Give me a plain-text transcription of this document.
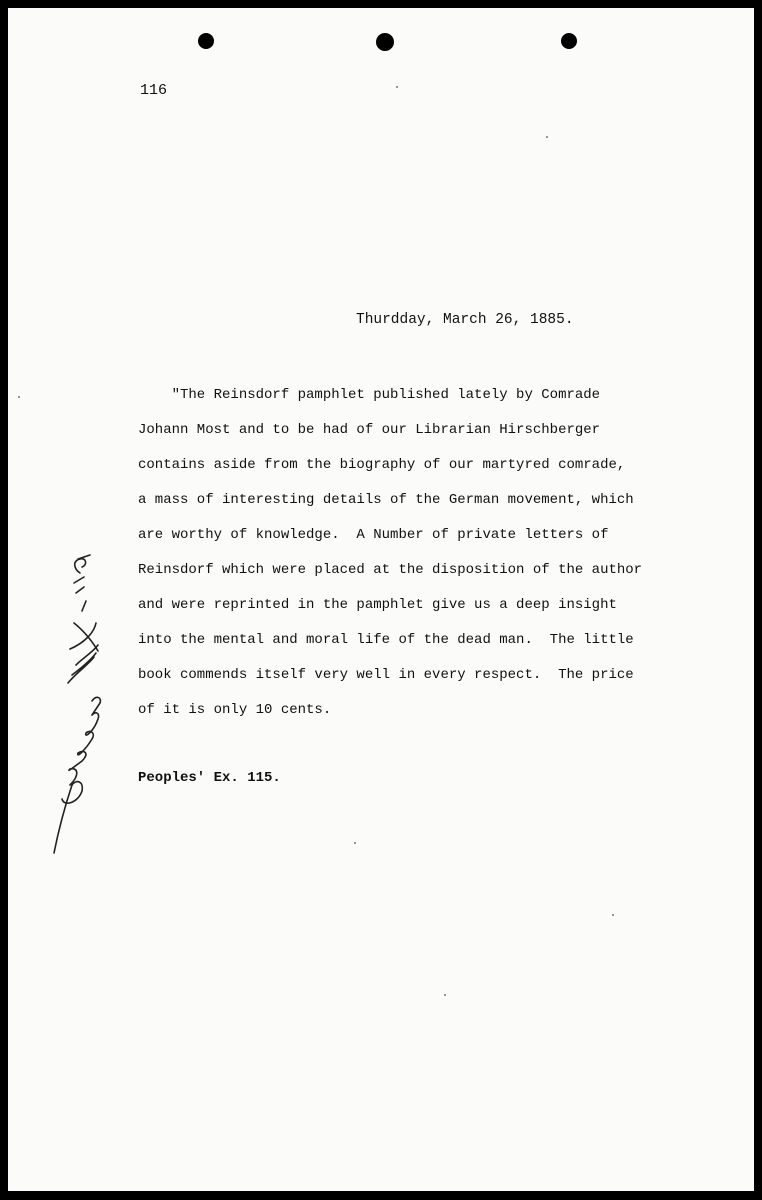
116
Thurdday, March 26, 1885.
"The Reinsdorf pamphlet published lately by Comrade
Johann Most and to be had of our Librarian Hirschberger
contains aside from the biography of our martyred comrade,
a mass of interesting details of the German movement, which
are worthy of knowledge.  A Number of private letters of
Reinsdorf which were placed at the disposition of the author
and were reprinted in the pamphlet give us a deep insight
into the mental and moral life of the dead man.  The little
book commends itself very well in every respect.  The price
of it is only 10 cents.
Peoples' Ex. 115.
